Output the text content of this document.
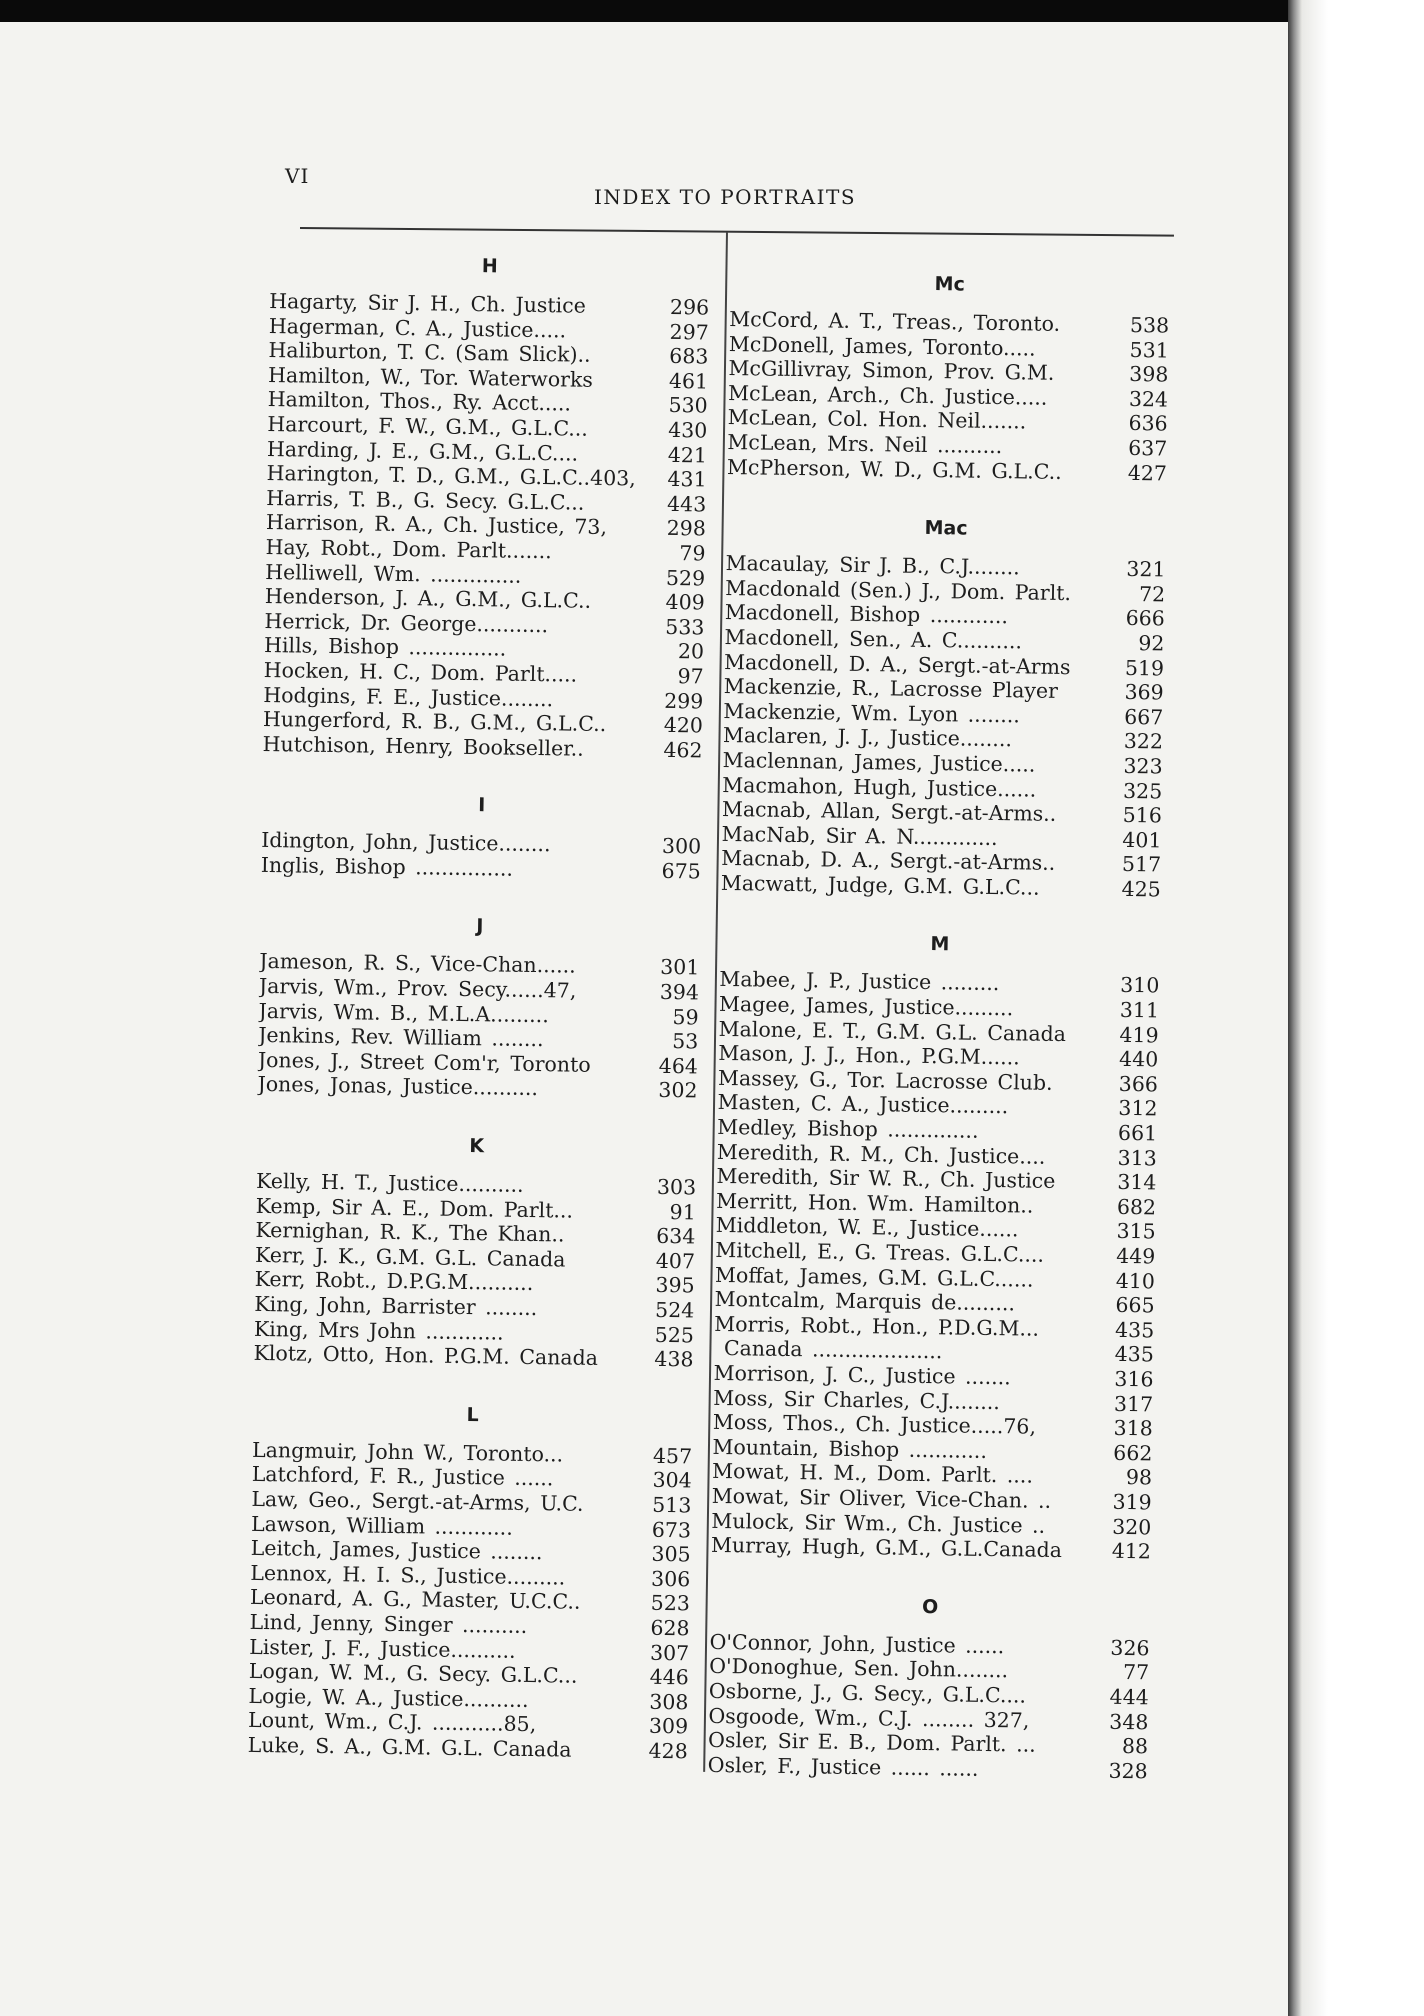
VI
INDEX TO PORTRAITS
H
Hagarty, Sir J. H., Ch. Justice	296
Hagerman, C. A., Justice.....	297
Haliburton, T. C. (Sam Slick)..	683
Hamilton, W., Tor. Waterworks	461
Hamilton, Thos., Ry. Acct.....	530
Harcourt, F. W., G.M., G.L.C...	430
Harding, J. E., G.M., G.L.C....	421
Harington, T. D., G.M., G.L.C..403,	431
Harris, T. B., G. Secy. G.L.C...	443
Harrison, R. A., Ch. Justice, 73,	298
Hay, Robt., Dom. Parlt.......	79
Helliwell, Wm. ..............	529
Henderson, J. A., G.M., G.L.C..	409
Herrick, Dr. George...........	533
Hills, Bishop ...............	20
Hocken, H. C., Dom. Parlt.....	97
Hodgins, F. E., Justice........	299
Hungerford, R. B., G.M., G.L.C..	420
Hutchison, Henry, Bookseller..	462
I
Idington, John, Justice........	300
Inglis, Bishop ...............	675
J
Jameson, R. S., Vice-Chan......	301
Jarvis, Wm., Prov. Secy......47,	394
Jarvis, Wm. B., M.L.A.........	59
Jenkins, Rev. William ........	53
Jones, J., Street Com'r, Toronto	464
Jones, Jonas, Justice..........	302
K
Kelly, H. T., Justice..........	303
Kemp, Sir A. E., Dom. Parlt...	91
Kernighan, R. K., The Khan..	634
Kerr, J. K., G.M. G.L. Canada	407
Kerr, Robt., D.P.G.M..........	395
King, John, Barrister ........	524
King, Mrs John ............	525
Klotz, Otto, Hon. P.G.M. Canada	438
L
Langmuir, John W., Toronto...	457
Latchford, F. R., Justice ......	304
Law, Geo., Sergt.-at-Arms, U.C.	513
Lawson, William ............	673
Leitch, James, Justice ........	305
Lennox, H. I. S., Justice.........	306
Leonard, A. G., Master, U.C.C..	523
Lind, Jenny, Singer ..........	628
Lister, J. F., Justice..........	307
Logan, W. M., G. Secy. G.L.C...	446
Logie, W. A., Justice..........	308
Lount, Wm., C.J. ...........85,	309
Luke, S. A., G.M. G.L. Canada	428
Mc
McCord, A. T., Treas., Toronto.	538
McDonell, James, Toronto.....	531
McGillivray, Simon, Prov. G.M.	398
McLean, Arch., Ch. Justice.....	324
McLean, Col. Hon. Neil.......	636
McLean, Mrs. Neil ..........	637
McPherson, W. D., G.M. G.L.C..	427
Mac
Macaulay, Sir J. B., C.J........	321
Macdonald (Sen.) J., Dom. Parlt.	72
Macdonell, Bishop ............	666
Macdonell, Sen., A. C..........	92
Macdonell, D. A., Sergt.-at-Arms	519
Mackenzie, R., Lacrosse Player	369
Mackenzie, Wm. Lyon ........	667
Maclaren, J. J., Justice........	322
Maclennan, James, Justice.....	323
Macmahon, Hugh, Justice......	325
Macnab, Allan, Sergt.-at-Arms..	516
MacNab, Sir A. N.............	401
Macnab, D. A., Sergt.-at-Arms..	517
Macwatt, Judge, G.M. G.L.C...	425
M
Mabee, J. P., Justice .........	310
Magee, James, Justice.........	311
Malone, E. T., G.M. G.L. Canada	419
Mason, J. J., Hon., P.G.M......	440
Massey, G., Tor. Lacrosse Club.	366
Masten, C. A., Justice.........	312
Medley, Bishop ..............	661
Meredith, R. M., Ch. Justice....	313
Meredith, Sir W. R., Ch. Justice	314
Merritt, Hon. Wm. Hamilton..	682
Middleton, W. E., Justice......	315
Mitchell, E., G. Treas. G.L.C....	449
Moffat, James, G.M. G.L.C......	410
Montcalm, Marquis de.........	665
Morris, Robt., Hon., P.D.G.M...	435
Canada ....................	435
Morrison, J. C., Justice .......	316
Moss, Sir Charles, C.J........	317
Moss, Thos., Ch. Justice.....76,	318
Mountain, Bishop ............	662
Mowat, H. M., Dom. Parlt. ....	98
Mowat, Sir Oliver, Vice-Chan. ..	319
Mulock, Sir Wm., Ch. Justice ..	320
Murray, Hugh, G.M., G.L.Canada	412
O
O'Connor, John, Justice ......	326
O'Donoghue, Sen. John........	77
Osborne, J., G. Secy., G.L.C....	444
Osgoode, Wm., C.J. ........ 327,	348
Osler, Sir E. B., Dom. Parlt. ...	88
Osler, F., Justice ...... ......	328
